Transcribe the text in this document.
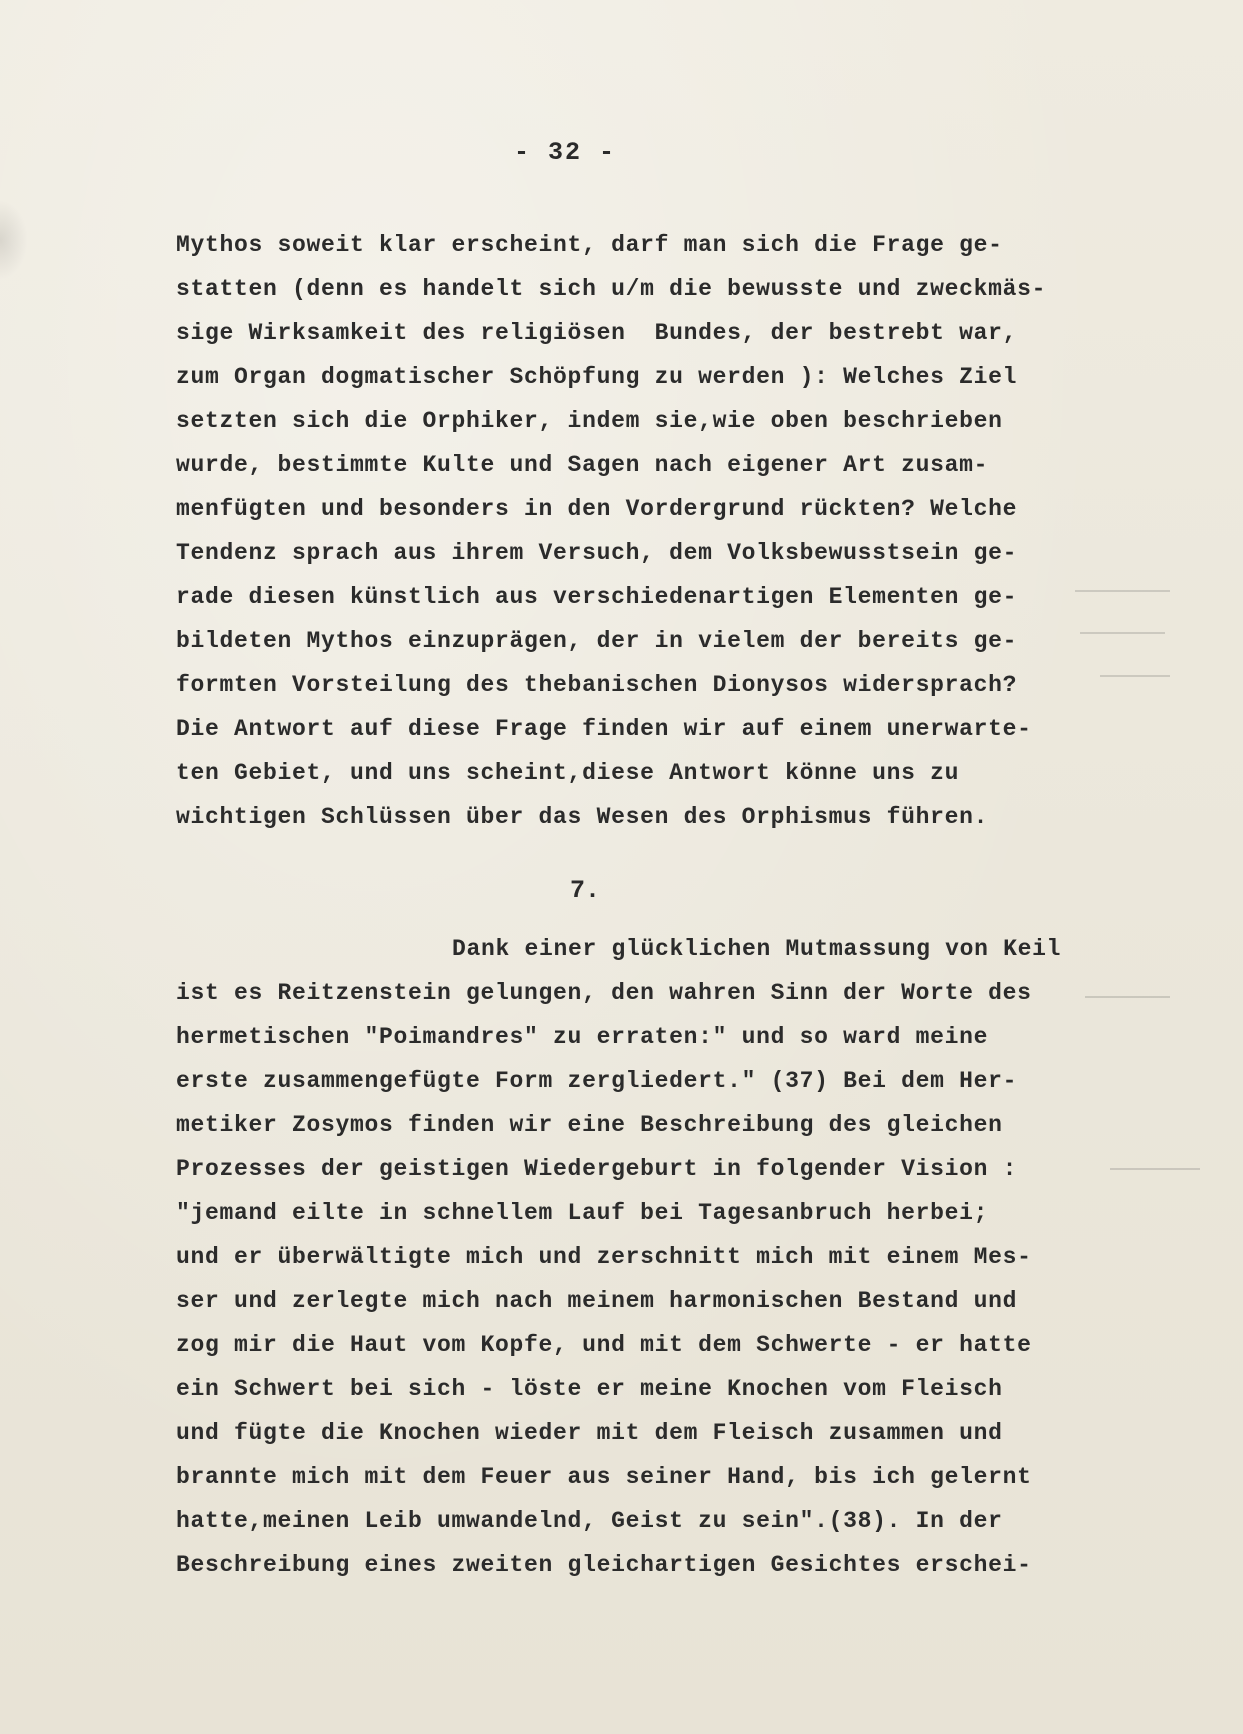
- 32 -
Mythos soweit klar erscheint, darf man sich die Frage ge-
statten (denn es handelt sich u/m die bewusste und zweckmäs-
sige Wirksamkeit des religiösen  Bundes, der bestrebt war,
zum Organ dogmatischer Schöpfung zu werden ): Welches Ziel
setzten sich die Orphiker, indem sie,wie oben beschrieben
wurde, bestimmte Kulte und Sagen nach eigener Art zusam-
menfügten und besonders in den Vordergrund rückten? Welche
Tendenz sprach aus ihrem Versuch, dem Volksbewusstsein ge-
rade diesen künstlich aus verschiedenartigen Elementen ge-
bildeten Mythos einzuprägen, der in vielem der bereits ge-
formten Vorsteilung des thebanischen Dionysos widersprach?
Die Antwort auf diese Frage finden wir auf einem unerwarte-
ten Gebiet, und uns scheint,diese Antwort könne uns zu
wichtigen Schlüssen über das Wesen des Orphismus führen.
7.
Dank einer glücklichen Mutmassung von Keil
ist es Reitzenstein gelungen, den wahren Sinn der Worte des
hermetischen "Poimandres" zu erraten:" und so ward meine
erste zusammengefügte Form zergliedert." (37) Bei dem Her-
metiker Zosymos finden wir eine Beschreibung des gleichen
Prozesses der geistigen Wiedergeburt in folgender Vision :
"jemand eilte in schnellem Lauf bei Tagesanbruch herbei;
und er überwältigte mich und zerschnitt mich mit einem Mes-
ser und zerlegte mich nach meinem harmonischen Bestand und
zog mir die Haut vom Kopfe, und mit dem Schwerte - er hatte
ein Schwert bei sich - löste er meine Knochen vom Fleisch
und fügte die Knochen wieder mit dem Fleisch zusammen und
brannte mich mit dem Feuer aus seiner Hand, bis ich gelernt
hatte,meinen Leib umwandelnd, Geist zu sein".(38). In der
Beschreibung eines zweiten gleichartigen Gesichtes erschei-
